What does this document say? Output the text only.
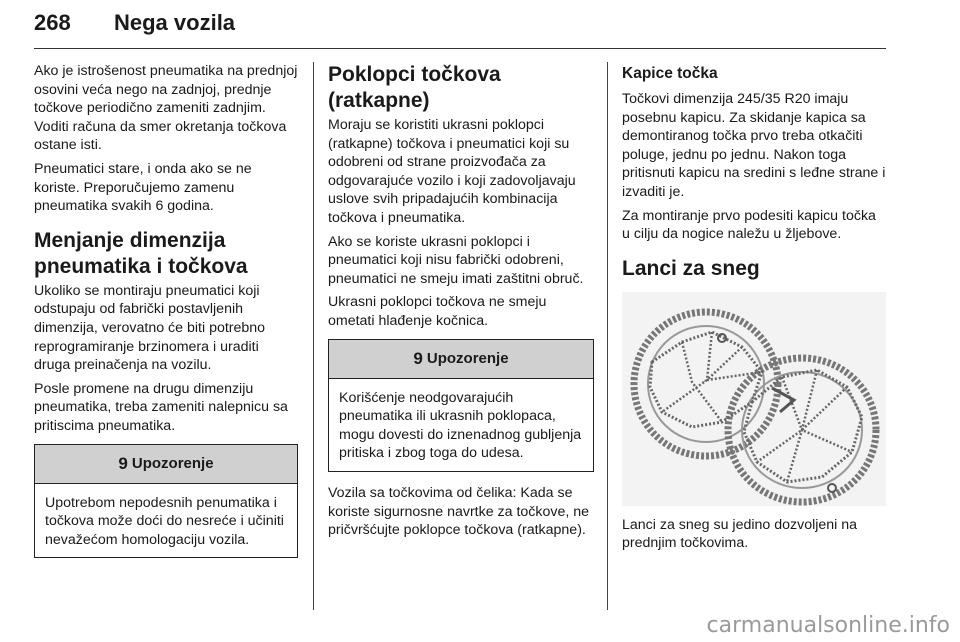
268 Nega vozila

Ako je istrošenost pneumatika na prednjoj osovini veća nego na zadnjoj, prednje točkove periodično zameniti zadnjim. Voditi računa da smer okretanja točkova ostane isti.

Pneumatici stare, i onda ako se ne koriste. Preporučujemo zamenu pneumatika svakih 6 godina.

Menjanje dimenzija pneumatika i točkova

Ukoliko se montiraju pneumatici koji odstupaju od fabrički postavljenih dimenzija, verovatno će biti potrebno reprogramiranje brzinomera i uraditi druga preinačenja na vozilu.

Posle promene na drugu dimenziju pneumatika, treba zameniti nalepnicu sa pritiscima pneumatika.

9 Upozorenje

Upotrebom nepodesnih penumatika i točkova može doći do nesreće i učiniti nevažećom homologaciju vozila.

Poklopci točkova (ratkapne)

Moraju se koristiti ukrasni poklopci (ratkapne) točkova i pneumatici koji su odobreni od strane proizvođača za odgovarajuće vozilo i koji zadovoljavaju uslove svih pripadajućih kombinacija točkova i pneumatika.

Ako se koriste ukrasni poklopci i pneumatici koji nisu fabrički odobreni, pneumatici ne smeju imati zaštitni obruč.

Ukrasni poklopci točkova ne smeju ometati hlađenje kočnica.

9 Upozorenje

Korišćenje neodgovarajućih pneumatika ili ukrasnih poklopaca, mogu dovesti do iznenadnog gubljenja pritiska i zbog toga do udesa.

Vozila sa točkovima od čelika: Kada se koriste sigurnosne navrtke za točkove, ne pričvršćujte poklopce točkova (ratkapne).

Kapice točka

Točkovi dimenzija 245/35 R20 imaju posebnu kapicu. Za skidanje kapica sa demontiranog točka prvo treba otkačiti poluge, jednu po jednu. Nakon toga pritisnuti kapicu na sredini s leđne strane i izvaditi je.

Za montiranje prvo podesiti kapicu točka u cilju da nogice naležu u žljebove.

Lanci za sneg

Lanci za sneg su jedino dozvoljeni na prednjim točkovima.

carmanualsonline.info
